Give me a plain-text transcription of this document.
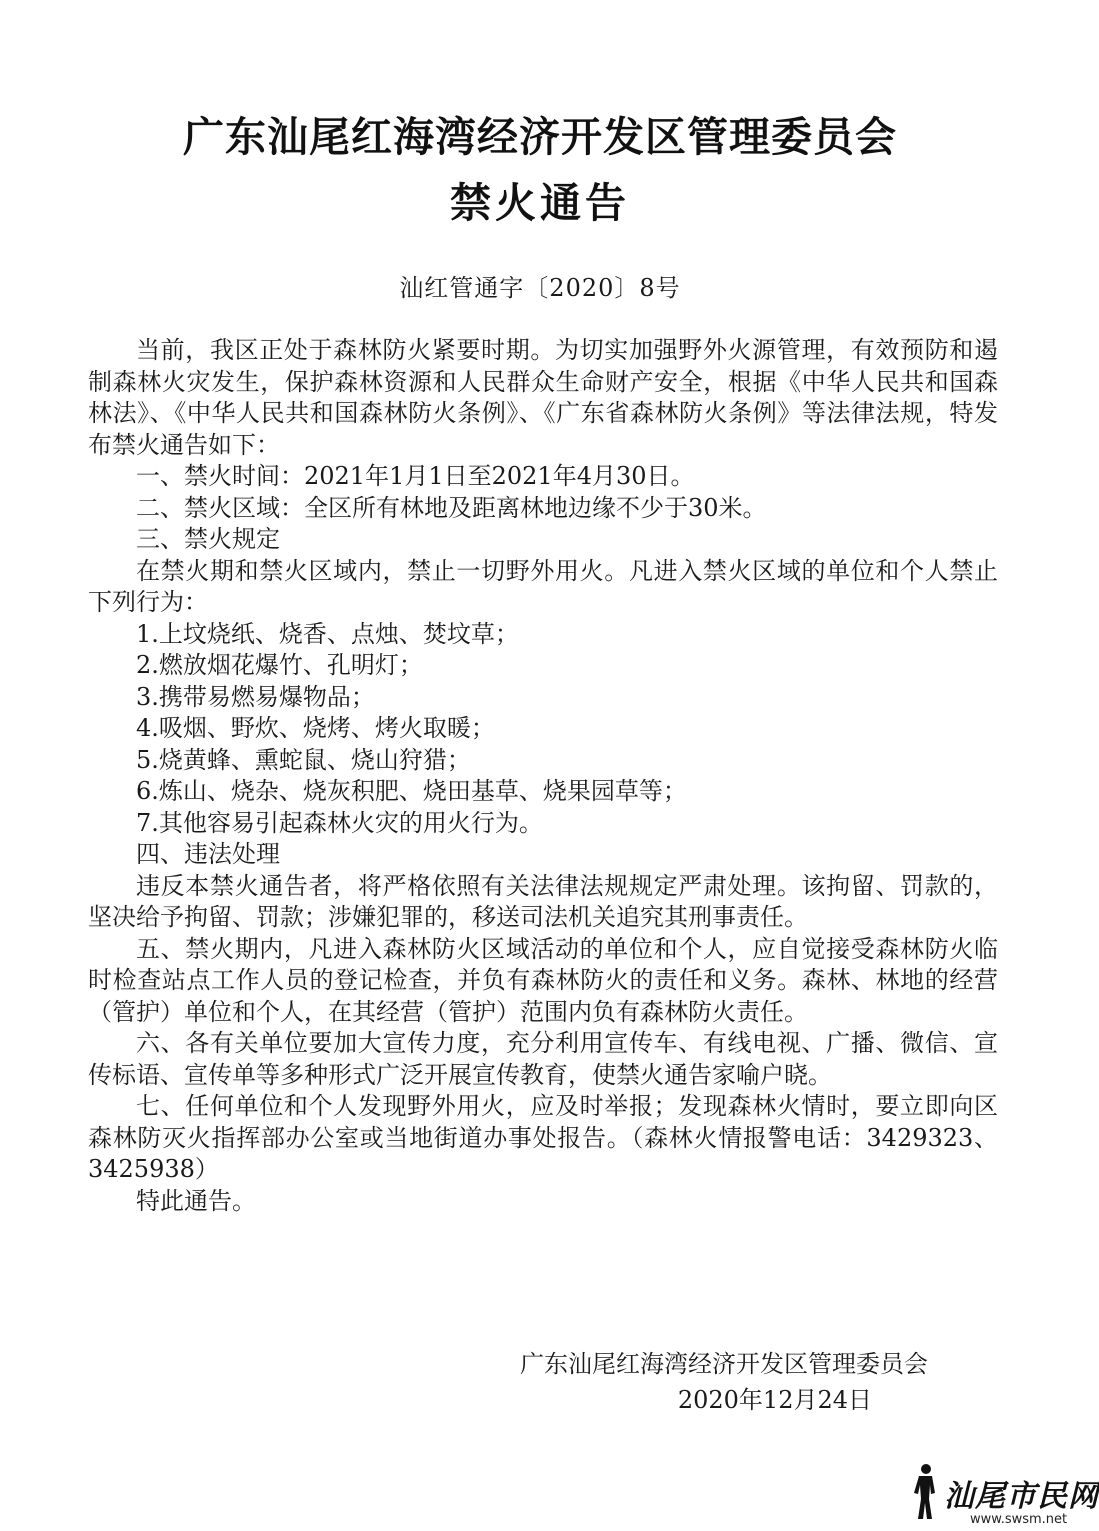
广东汕尾红海湾经济开发区管理委员会
禁火通告
汕红管通字〔2020〕8号

当前，我区正处于森林防火紧要时期。为切实加强野外火源管理，有效预防和遏制森林火灾发生，保护森林资源和人民群众生命财产安全，根据《中华人民共和国森林法》、《中华人民共和国森林防火条例》、《广东省森林防火条例》等法律法规，特发布禁火通告如下：

一、禁火时间：2021年1月1日至2021年4月30日。

二、禁火区域：全区所有林地及距离林地边缘不少于30米。

三、禁火规定

在禁火期和禁火区域内，禁止一切野外用火。凡进入禁火区域的单位和个人禁止下列行为：

1.上坟烧纸、烧香、点烛、焚坟草；

2.燃放烟花爆竹、孔明灯；

3.携带易燃易爆物品；

4.吸烟、野炊、烧烤、烤火取暖；

5.烧黄蜂、熏蛇鼠、烧山狩猎；

6.炼山、烧杂、烧灰积肥、烧田基草、烧果园草等；

7.其他容易引起森林火灾的用火行为。

四、违法处理

违反本禁火通告者，将严格依照有关法律法规规定严肃处理。该拘留、罚款的，坚决给予拘留、罚款；涉嫌犯罪的，移送司法机关追究其刑事责任。

五、禁火期内，凡进入森林防火区域活动的单位和个人，应自觉接受森林防火临时检查站点工作人员的登记检查，并负有森林防火的责任和义务。森林、林地的经营（管护）单位和个人，在其经营（管护）范围内负有森林防火责任。

六、各有关单位要加大宣传力度，充分利用宣传车、有线电视、广播、微信、宣传标语、宣传单等多种形式广泛开展宣传教育，使禁火通告家喻户晓。

七、任何单位和个人发现野外用火，应及时举报；发现森林火情时，要立即向区森林防灭火指挥部办公室或当地街道办事处报告。（森林火情报警电话：3429323、3425938）

特此通告。

广东汕尾红海湾经济开发区管理委员会
2020年12月24日
汕尾市民网
www.swsm.net
